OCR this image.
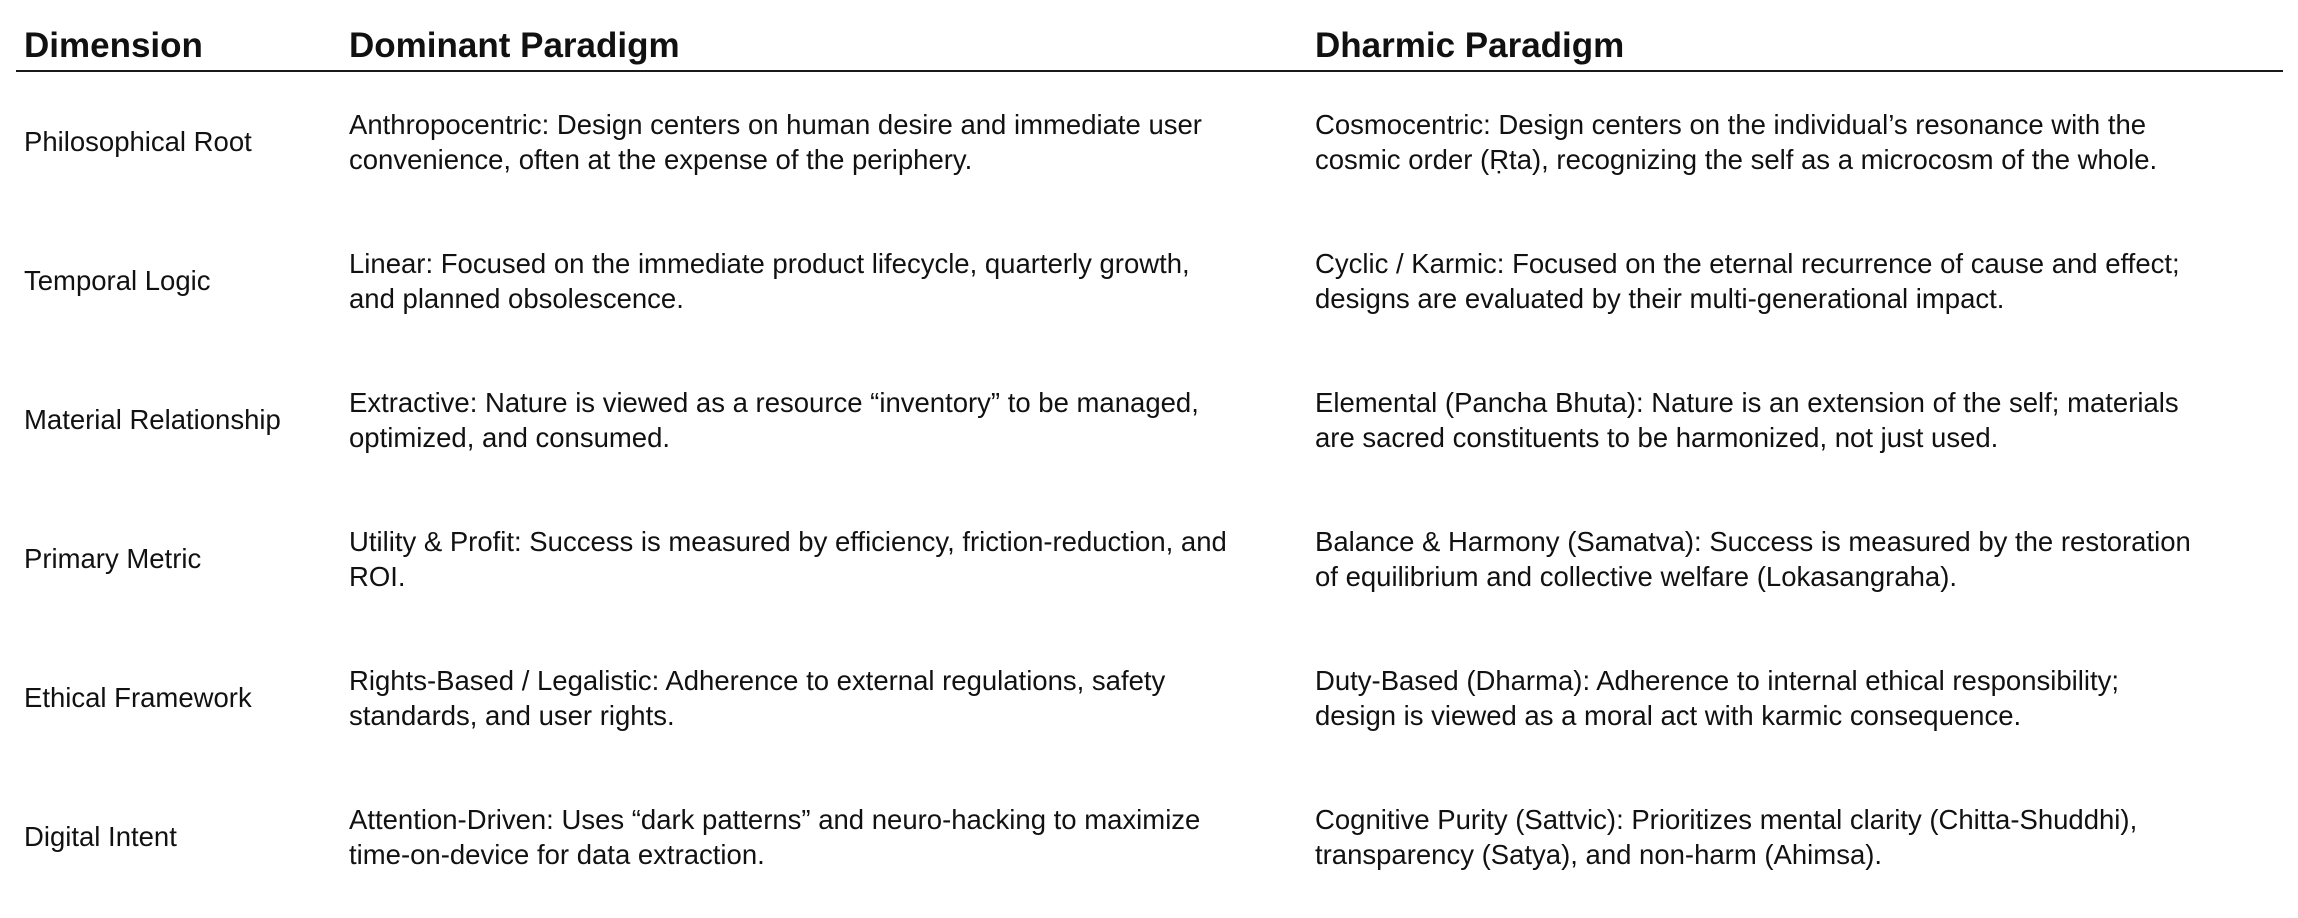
Dimension	Dominant Paradigm	Dharmic Paradigm
Philosophical Root
Anthropocentric: Design centers on human desire and immediate user
convenience, often at the expense of the periphery.
Cosmocentric: Design centers on the individual’s resonance with the
cosmic order (Ṛta), recognizing the self as a microcosm of the whole.
Temporal Logic
Linear: Focused on the immediate product lifecycle, quarterly growth,
and planned obsolescence.
Cyclic / Karmic: Focused on the eternal recurrence of cause and effect;
designs are evaluated by their multi-generational impact.
Material Relationship
Extractive: Nature is viewed as a resource “inventory” to be managed,
optimized, and consumed.
Elemental (Pancha Bhuta): Nature is an extension of the self; materials
are sacred constituents to be harmonized, not just used.
Primary Metric
Utility & Profit: Success is measured by efficiency, friction-reduction, and
ROI.
Balance & Harmony (Samatva): Success is measured by the restoration
of equilibrium and collective welfare (Lokasangraha).
Ethical Framework
Rights-Based / Legalistic: Adherence to external regulations, safety
standards, and user rights.
Duty-Based (Dharma): Adherence to internal ethical responsibility;
design is viewed as a moral act with karmic consequence.
Digital Intent
Attention-Driven: Uses “dark patterns” and neuro-hacking to maximize
time-on-device for data extraction.
Cognitive Purity (Sattvic): Prioritizes mental clarity (Chitta-Shuddhi),
transparency (Satya), and non-harm (Ahimsa).
